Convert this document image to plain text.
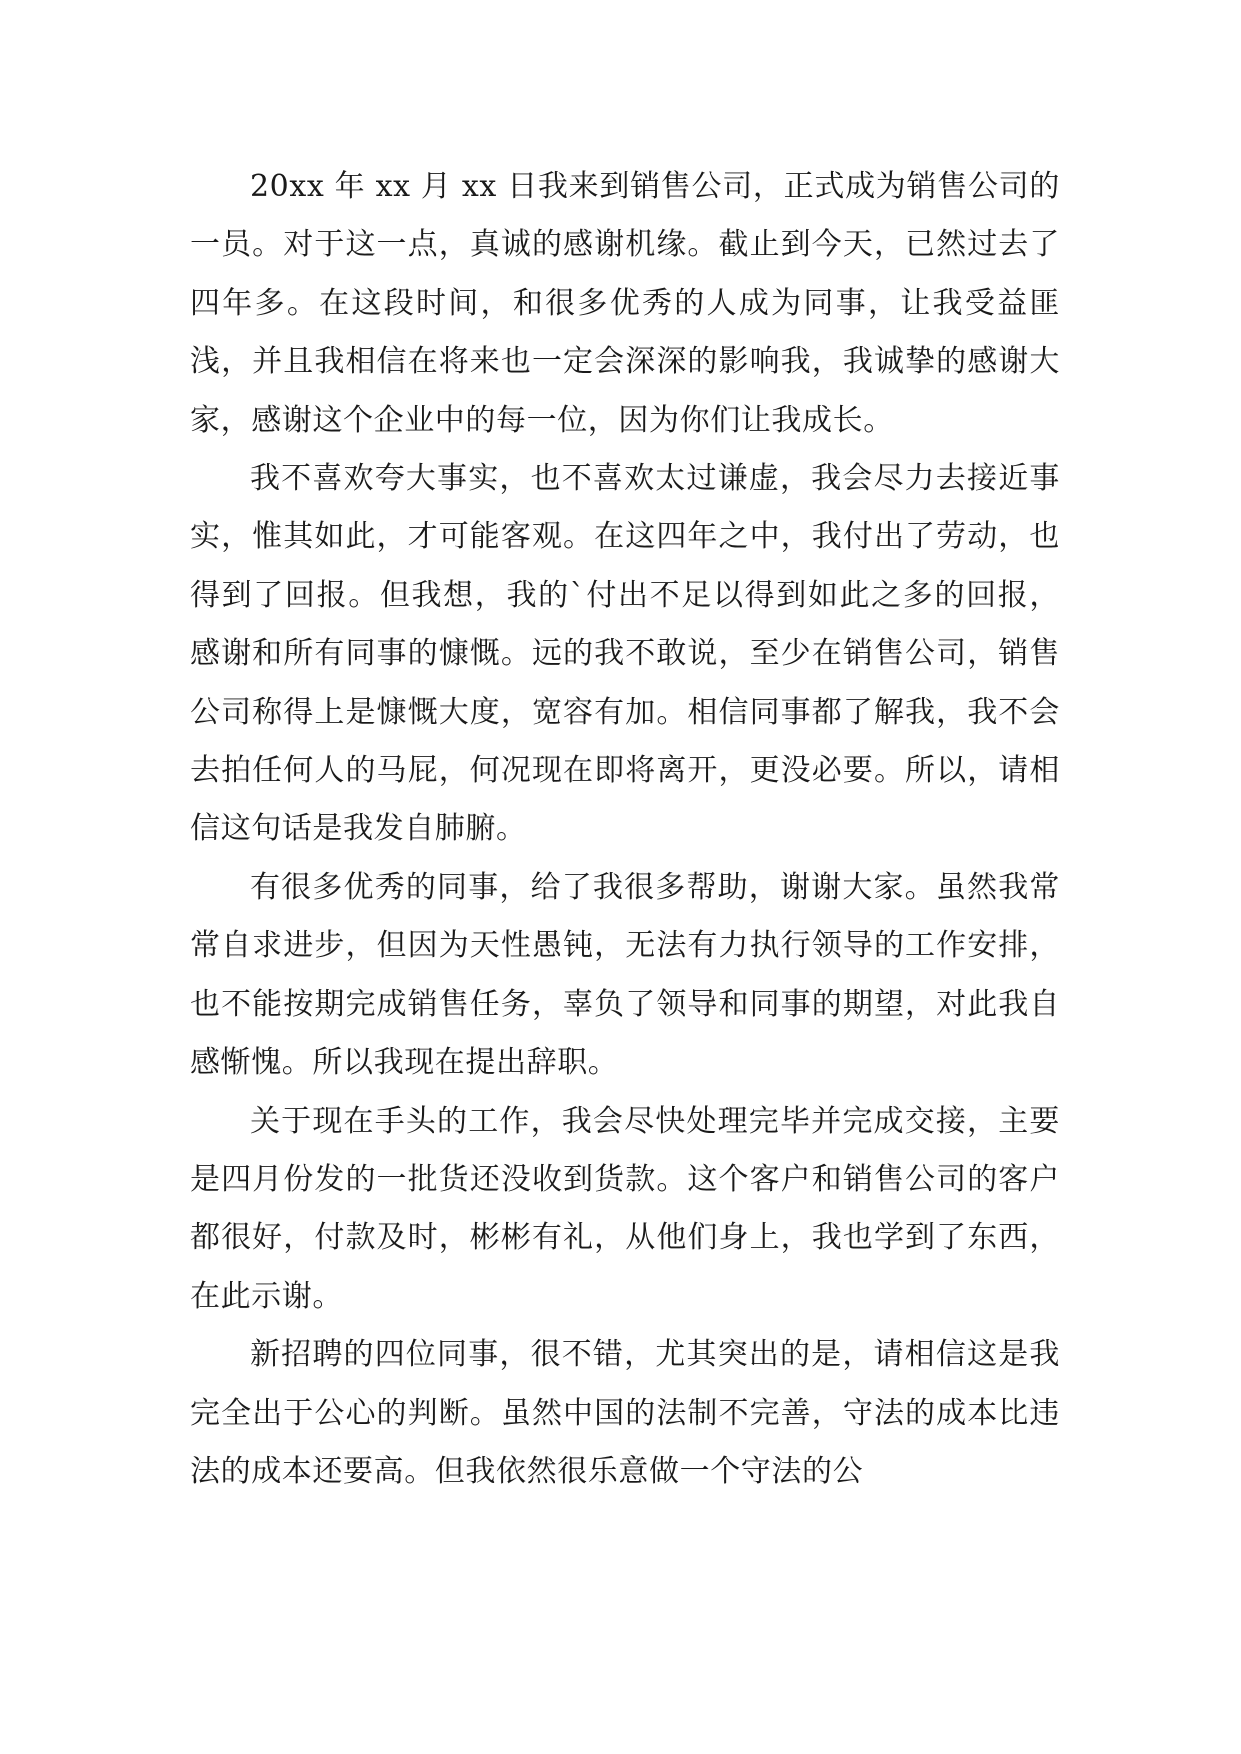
20xx 年 xx 月 xx 日我来到销售公司，正式成为销售公司的一员。对于这一点，真诚的感谢机缘。截止到今天，已然过去了四年多。在这段时间，和很多优秀的人成为同事，让我受益匪浅，并且我相信在将来也一定会深深的影响我，我诚挚的感谢大家，感谢这个企业中的每一位，因为你们让我成长。

我不喜欢夸大事实，也不喜欢太过谦虚，我会尽力去接近事实，惟其如此，才可能客观。在这四年之中，我付出了劳动，也得到了回报。但我想，我的`付出不足以得到如此之多的回报，感谢和所有同事的慷慨。远的我不敢说，至少在销售公司，销售公司称得上是慷慨大度，宽容有加。相信同事都了解我，我不会去拍任何人的马屁，何况现在即将离开，更没必要。所以，请相信这句话是我发自肺腑。

有很多优秀的同事，给了我很多帮助，谢谢大家。虽然我常常自求进步，但因为天性愚钝，无法有力执行领导的工作安排，也不能按期完成销售任务，辜负了领导和同事的期望，对此我自感惭愧。所以我现在提出辞职。

关于现在手头的工作，我会尽快处理完毕并完成交接，主要是四月份发的一批货还没收到货款。这个客户和销售公司的客户都很好，付款及时，彬彬有礼，从他们身上，我也学到了东西，在此示谢。

新招聘的四位同事，很不错，尤其突出的是，请相信这是我完全出于公心的判断。虽然中国的法制不完善，守法的成本比违法的成本还要高。但我依然很乐意做一个守法的公
